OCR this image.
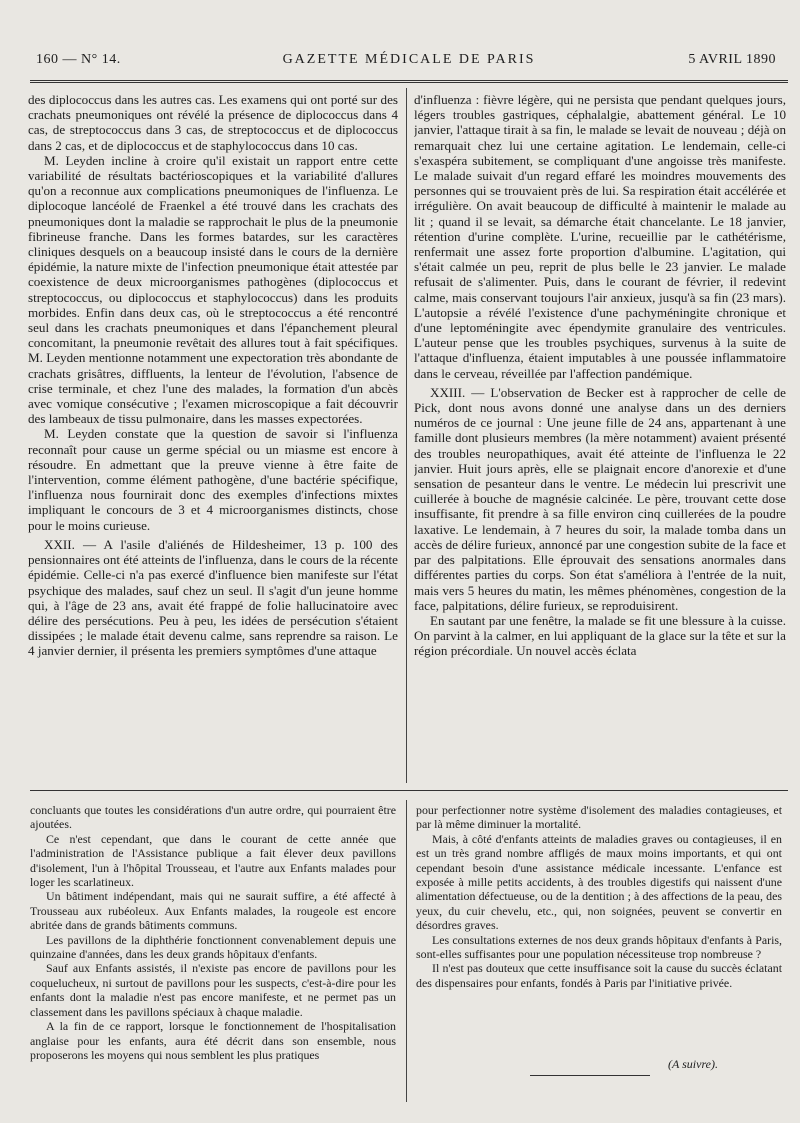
160 — N° 14.	GAZETTE MÉDICALE DE PARIS	5 AVRIL 1890

des diplococcus dans les autres cas. Les examens qui ont porté sur des crachats pneumoniques ont révélé la présence de diplococcus dans 4 cas, de streptococcus dans 3 cas, de streptococcus et de diplococcus dans 2 cas, et de diplococcus et de staphylococcus dans 10 cas.

M. Leyden incline à croire qu'il existait un rapport entre cette variabilité de résultats bactérioscopiques et la variabilité d'allures qu'on a reconnue aux complications pneumoniques de l'influenza. Le diplocoque lancéolé de Fraenkel a été trouvé dans les crachats des pneumoniques dont la maladie se rapprochait le plus de la pneumonie fibrineuse franche. Dans les formes batardes, sur les caractères cliniques desquels on a beaucoup insisté dans le cours de la dernière épidémie, la nature mixte de l'infection pneumonique était attestée par coexistence de deux microorganismes pathogènes (diplococcus et streptococcus, ou diplococcus et staphylococcus) dans les produits morbides. Enfin dans deux cas, où le streptococcus a été rencontré seul dans les crachats pneumoniques et dans l'épanchement pleural concomitant, la pneumonie revêtait des allures tout à fait spécifiques. M. Leyden mentionne notamment une expectoration très abondante de crachats grisâtres, diffluents, la lenteur de l'évolution, l'absence de crise terminale, et chez l'une des malades, la formation d'un abcès avec vomique consécutive ; l'examen microscopique a fait découvrir des lambeaux de tissu pulmonaire, dans les masses expectorées.

M. Leyden constate que la question de savoir si l'influenza reconnaît pour cause un germe spécial ou un miasme est encore à résoudre. En admettant que la preuve vienne à être faite de l'intervention, comme élément pathogène, d'une bactérie spécifique, l'influenza nous fournirait donc des exemples d'infections mixtes impliquant le concours de 3 et 4 microorganismes distincts, chose pour le moins curieuse.

XXII. — A l'asile d'aliénés de Hildesheimer, 13 p. 100 des pensionnaires ont été atteints de l'influenza, dans le cours de la récente épidémie. Celle-ci n'a pas exercé d'influence bien manifeste sur l'état psychique des malades, sauf chez un seul. Il s'agit d'un jeune homme qui, à l'âge de 23 ans, avait été frappé de folie hallucinatoire avec délire des persécutions. Peu à peu, les idées de persécution s'étaient dissipées ; le malade était devenu calme, sans reprendre sa raison. Le 4 janvier dernier, il présenta les premiers symptômes d'une attaque

d'influenza : fièvre légère, qui ne persista que pendant quelques jours, légers troubles gastriques, céphalalgie, abattement général. Le 10 janvier, l'attaque tirait à sa fin, le malade se levait de nouveau ; déjà on remarquait chez lui une certaine agitation. Le lendemain, celle-ci s'exaspéra subitement, se compliquant d'une angoisse très manifeste. Le malade suivait d'un regard effaré les moindres mouvements des personnes qui se trouvaient près de lui. Sa respiration était accélérée et irrégulière. On avait beaucoup de difficulté à maintenir le malade au lit ; quand il se levait, sa démarche était chancelante. Le 18 janvier, rétention d'urine complète. L'urine, recueillie par le cathétérisme, renfermait une assez forte proportion d'albumine. L'agitation, qui s'était calmée un peu, reprit de plus belle le 23 janvier. Le malade refusait de s'alimenter. Puis, dans le courant de février, il redevint calme, mais conservant toujours l'air anxieux, jusqu'à sa fin (23 mars). L'autopsie a révélé l'existence d'une pachyméningite chronique et d'une leptoméningite avec épendymite granulaire des ventricules. L'auteur pense que les troubles psychiques, survenus à la suite de l'attaque d'influenza, étaient imputables à une poussée inflammatoire dans le cerveau, réveillée par l'affection pandémique.

XXIII. — L'observation de Becker est à rapprocher de celle de Pick, dont nous avons donné une analyse dans un des derniers numéros de ce journal : Une jeune fille de 24 ans, appartenant à une famille dont plusieurs membres (la mère notamment) avaient présenté des troubles neuropathiques, avait été atteinte de l'influenza le 22 janvier. Huit jours après, elle se plaignait encore d'anorexie et d'une sensation de pesanteur dans le ventre. Le médecin lui prescrivit une cuillerée à bouche de magnésie calcinée. Le père, trouvant cette dose insuffisante, fit prendre à sa fille environ cinq cuillerées de la poudre laxative. Le lendemain, à 7 heures du soir, la malade tomba dans un accès de délire furieux, annoncé par une congestion subite de la face et par des palpitations. Elle éprouvait des sensations anormales dans différentes parties du corps. Son état s'améliora à l'entrée de la nuit, mais vers 5 heures du matin, les mêmes phénomènes, congestion de la face, palpitations, délire furieux, se reproduisirent.

En sautant par une fenêtre, la malade se fit une blessure à la cuisse. On parvint à la calmer, en lui appliquant de la glace sur la tête et sur la région précordiale. Un nouvel accès éclata

concluants que toutes les considérations d'un autre ordre, qui pourraient être ajoutées.

Ce n'est cependant, que dans le courant de cette année que l'administration de l'Assistance publique a fait élever deux pavillons d'isolement, l'un à l'hôpital Trousseau, et l'autre aux Enfants malades pour loger les scarlatineux.

Un bâtiment indépendant, mais qui ne saurait suffire, a été affecté à Trousseau aux rubéoleux. Aux Enfants malades, la rougeole est encore abritée dans de grands bâtiments communs.

Les pavillons de la diphthérie fonctionnent convenablement depuis une quinzaine d'années, dans les deux grands hôpitaux d'enfants.

Sauf aux Enfants assistés, il n'existe pas encore de pavillons pour les coquelucheux, ni surtout de pavillons pour les suspects, c'est-à-dire pour les enfants dont la maladie n'est pas encore manifeste, et ne permet pas un classement dans les pavillons spéciaux à chaque maladie.

A la fin de ce rapport, lorsque le fonctionnement de l'hospitalisation anglaise pour les enfants, aura été décrit dans son ensemble, nous proposerons les moyens qui nous semblent les plus pratiques

pour perfectionner notre système d'isolement des maladies contagieuses, et par là même diminuer la mortalité.

Mais, à côté d'enfants atteints de maladies graves ou contagieuses, il en est un très grand nombre affligés de maux moins importants, et qui ont cependant besoin d'une assistance médicale incessante. L'enfance est exposée à mille petits accidents, à des troubles digestifs qui naissent d'une alimentation défectueuse, ou de la dentition ; à des affections de la peau, des yeux, du cuir chevelu, etc., qui, non soignées, peuvent se convertir en désordres graves.

Les consultations externes de nos deux grands hôpitaux d'enfants à Paris, sont-elles suffisantes pour une population nécessiteuse trop nombreuse ?

Il n'est pas douteux que cette insuffisance soit la cause du succès éclatant des dispensaires pour enfants, fondés à Paris par l'initiative privée.

(A suivre).
